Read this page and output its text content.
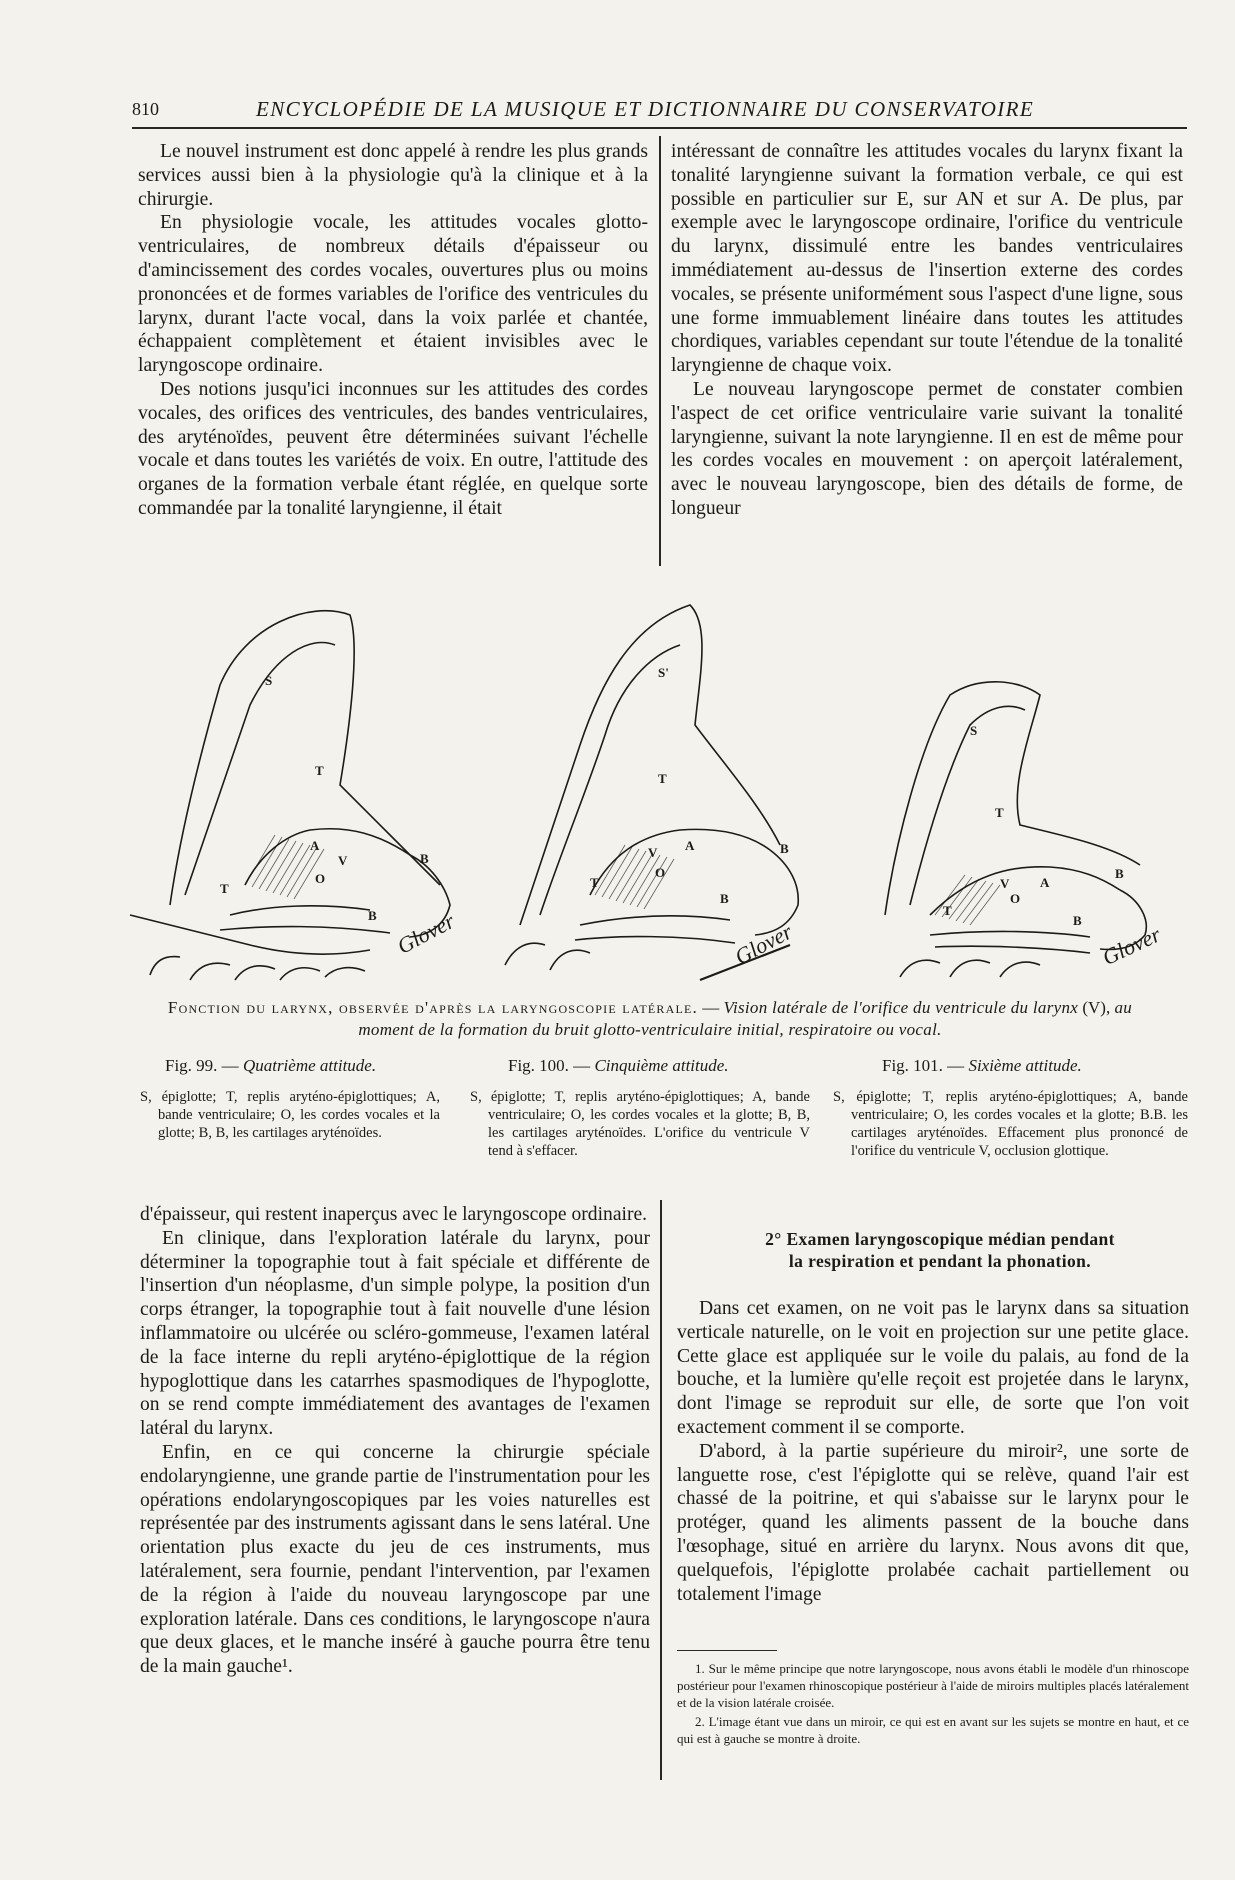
810	ENCYCLOPÉDIE DE LA MUSIQUE ET DICTIONNAIRE DU CONSERVATOIRE

Le nouvel instrument est donc appelé à rendre les plus grands services aussi bien à la physiologie qu'à la clinique et à la chirurgie.

En physiologie vocale, les attitudes vocales glotto-ventriculaires, de nombreux détails d'épaisseur ou d'amincissement des cordes vocales, ouvertures plus ou moins prononcées et de formes variables de l'orifice des ventricules du larynx, durant l'acte vocal, dans la voix parlée et chantée, échappaient complètement et étaient invisibles avec le laryngoscope ordinaire.

Des notions jusqu'ici inconnues sur les attitudes des cordes vocales, des orifices des ventricules, des bandes ventriculaires, des aryténoïdes, peuvent être déterminées suivant l'échelle vocale et dans toutes les variétés de voix. En outre, l'attitude des organes de la formation verbale étant réglée, en quelque sorte commandée par la tonalité laryngienne, il était

intéressant de connaître les attitudes vocales du larynx fixant la tonalité laryngienne suivant la formation verbale, ce qui est possible en particulier sur E, sur AN et sur A. De plus, par exemple avec le laryngoscope ordinaire, l'orifice du ventricule du larynx, dissimulé entre les bandes ventriculaires immédiatement au-dessus de l'insertion externe des cordes vocales, se présente uniformément sous l'aspect d'une ligne, sous une forme immuablement linéaire dans toutes les attitudes chordiques, variables cependant sur toute l'étendue de la tonalité laryngienne de chaque voix.

Le nouveau laryngoscope permet de constater combien l'aspect de cet orifice ventriculaire varie suivant la tonalité laryngienne, suivant la note laryngienne. Il en est de même pour les cordes vocales en mouvement : on aperçoit latéralement, avec le nouveau laryngoscope, bien des détails de forme, de longueur

S
T
A
V
O
T
B
B Glover
S'
T
A
V
O
T
B
B
Glover
S
T
A
V
O
T
B
B
Glover
Fonction du larynx, observée d'après la laryngoscopie latérale. — Vision latérale de l'orifice du ventricule du larynx (V), au moment de la formation du bruit glotto-ventriculaire initial, respiratoire ou vocal.
Fig. 99. — Quatrième attitude.	Fig. 100. — Cinquième attitude.	Fig. 101. — Sixième attitude.
S, épiglotte; T, replis aryténo-épiglottiques; A, bande ventriculaire; O, les cordes vocales et la glotte; B, B, les cartilages aryténoïdes.
S, épiglotte; T, replis aryténo-épiglottiques; A, bande ventriculaire; O, les cordes vocales et la glotte; B, B, les cartilages aryténoïdes. L'orifice du ventricule V tend à s'effacer.
S, épiglotte; T, replis aryténo-épiglottiques; A, bande ventriculaire; O, les cordes vocales et la glotte; B.B. les cartilages aryténoïdes. Effacement plus prononcé de l'orifice du ventricule V, occlusion glottique.

d'épaisseur, qui restent inaperçus avec le laryngoscope ordinaire.

En clinique, dans l'exploration latérale du larynx, pour déterminer la topographie tout à fait spéciale et différente de l'insertion d'un néoplasme, d'un simple polype, la position d'un corps étranger, la topographie tout à fait nouvelle d'une lésion inflammatoire ou ulcérée ou scléro-gommeuse, l'examen latéral de la face interne du repli aryténo-épiglottique de la région hypoglottique dans les catarrhes spasmodiques de l'hypoglotte, on se rend compte immédiatement des avantages de l'examen latéral du larynx.

Enfin, en ce qui concerne la chirurgie spéciale endolaryngienne, une grande partie de l'instrumentation pour les opérations endolaryngoscopiques par les voies naturelles est représentée par des instruments agissant dans le sens latéral. Une orientation plus exacte du jeu de ces instruments, mus latéralement, sera fournie, pendant l'intervention, par l'examen de la région à l'aide du nouveau laryngoscope par une exploration latérale. Dans ces conditions, le laryngoscope n'aura que deux glaces, et le manche inséré à gauche pourra être tenu de la main gauche¹.

2° Examen laryngoscopique médian pendant
la respiration et pendant la phonation.

Dans cet examen, on ne voit pas le larynx dans sa situation verticale naturelle, on le voit en projection sur une petite glace. Cette glace est appliquée sur le voile du palais, au fond de la bouche, et la lumière qu'elle reçoit est projetée dans le larynx, dont l'image se reproduit sur elle, de sorte que l'on voit exactement comment il se comporte.

D'abord, à la partie supérieure du miroir², une sorte de languette rose, c'est l'épiglotte qui se relève, quand l'air est chassé de la poitrine, et qui s'abaisse sur le larynx pour le protéger, quand les aliments passent de la bouche dans l'œsophage, situé en arrière du larynx. Nous avons dit que, quelquefois, l'épiglotte prolabée cachait partiellement ou totalement l'image

1. Sur le même principe que notre laryngoscope, nous avons établi le modèle d'un rhinoscope postérieur pour l'examen rhinoscopique postérieur à l'aide de miroirs multiples placés latéralement et de la vision latérale croisée.

2. L'image étant vue dans un miroir, ce qui est en avant sur les sujets se montre en haut, et ce qui est à gauche se montre à droite.
